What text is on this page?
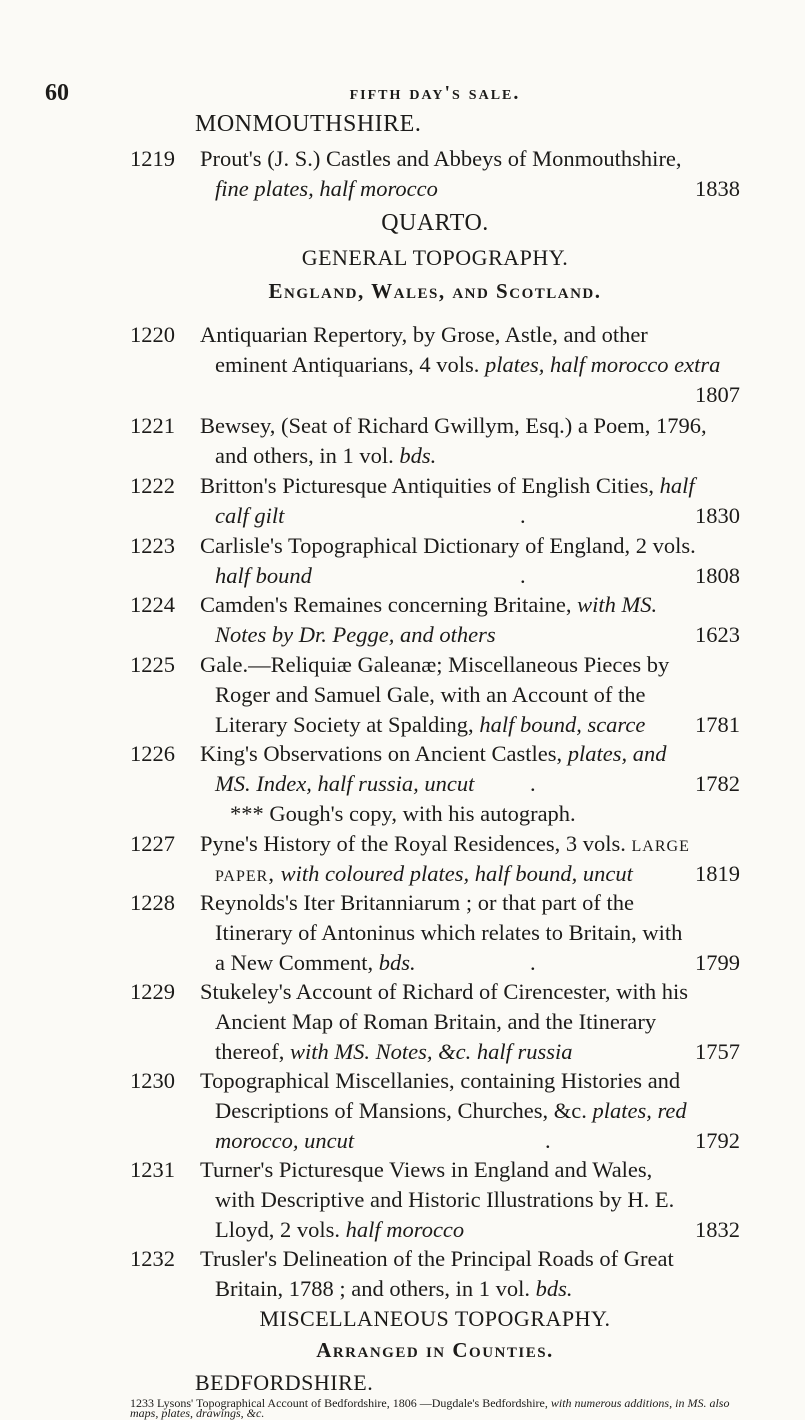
60	fifth day's sale.
MONMOUTHSHIRE.
1219	Prout's (J. S.) Castles and Abbeys of Monmouthshire,
fine plates, half morocco	1838
QUARTO.
GENERAL TOPOGRAPHY.
England, Wales, and Scotland.
1220	Antiquarian Repertory, by Grose, Astle, and other
eminent Antiquarians, 4 vols. plates, half morocco extra

1807
1221	Bewsey, (Seat of Richard Gwillym, Esq.) a Poem, 1796,
and others, in 1 vol. bds.
1222	Britton's Picturesque Antiquities of English Cities, half
calf gilt	.	1830
1223	Carlisle's Topographical Dictionary of England, 2 vols.
half bound	.	1808
1224	Camden's Remaines concerning Britaine, with MS.
Notes by Dr. Pegge, and others	1623
1225	Gale.—Reliquiæ Galeanæ; Miscellaneous Pieces by
Roger and Samuel Gale, with an Account of the
Literary Society at Spalding, half bound, scarce 1781
1226	King's Observations on Ancient Castles, plates, and
MS. Index, half russia, uncut .	1782
*** Gough's copy, with his autograph.
1227	Pyne's History of the Royal Residences, 3 vols. large
paper, with coloured plates, half bound, uncut	1819
1228	Reynolds's Iter Britanniarum ; or that part of the
Itinerary of Antoninus which relates to Britain, with
a New Comment, bds.	.	1799
1229	Stukeley's Account of Richard of Cirencester, with his
Ancient Map of Roman Britain, and the Itinerary
thereof, with MS. Notes, &c. half russia	1757
1230	Topographical Miscellanies, containing Histories and
Descriptions of Mansions, Churches, &c. plates, red
morocco, uncut	.	1792
1231	Turner's Picturesque Views in England and Wales,
with Descriptive and Historic Illustrations by H. E.
Lloyd, 2 vols. half morocco	1832
1232	Trusler's Delineation of the Principal Roads of Great
Britain, 1788 ; and others, in 1 vol. bds.
MISCELLANEOUS TOPOGRAPHY.
Arranged in Counties.
BEDFORDSHIRE.
1233 Lysons' Topographical Account of Bedfordshire, 1806 —Dugdale's Bedfordshire, with numerous additions, in MS. also maps, plates, drawings, &c.
